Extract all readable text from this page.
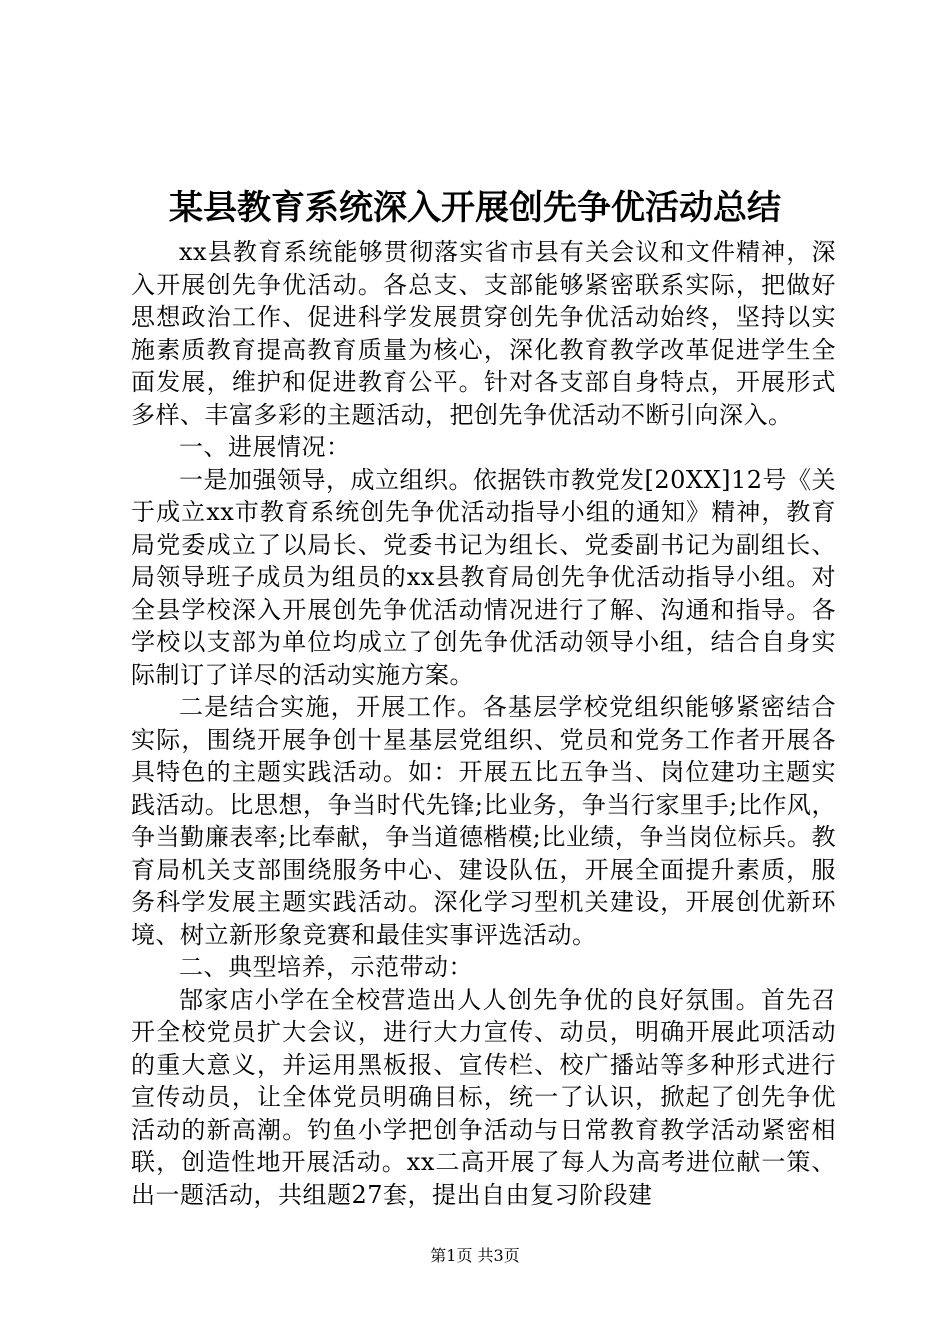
某县教育系统深入开展创先争优活动总结

xx县教育系统能够贯彻落实省市县有关会议和文件精神，深入开展创先争优活动。各总支、支部能够紧密联系实际，把做好思想政治工作、促进科学发展贯穿创先争优活动始终，坚持以实施素质教育提高教育质量为核心，深化教育教学改革促进学生全面发展，维护和促进教育公平。针对各支部自身特点，开展形式多样、丰富多彩的主题活动，把创先争优活动不断引向深入。

一、进展情况：

一是加强领导，成立组织。依据铁市教党发[20XX]12号《关于成立xx市教育系统创先争优活动指导小组的通知》精神，教育局党委成立了以局长、党委书记为组长、党委副书记为副组长、局领导班子成员为组员的xx县教育局创先争优活动指导小组。对全县学校深入开展创先争优活动情况进行了解、沟通和指导。各学校以支部为单位均成立了创先争优活动领导小组，结合自身实际制订了详尽的活动实施方案。

二是结合实施，开展工作。各基层学校党组织能够紧密结合实际，围绕开展争创十星基层党组织、党员和党务工作者开展各具特色的主题实践活动。如：开展五比五争当、岗位建功主题实践活动。比思想，争当时代先锋;比业务，争当行家里手;比作风，争当勤廉表率;比奉献，争当道德楷模;比业绩，争当岗位标兵。教育局机关支部围绕服务中心、建设队伍，开展全面提升素质，服务科学发展主题实践活动。深化学习型机关建设，开展创优新环境、树立新形象竞赛和最佳实事评选活动。

二、典型培养，示范带动：

郜家店小学在全校营造出人人创先争优的良好氛围。首先召开全校党员扩大会议，进行大力宣传、动员，明确开展此项活动的重大意义，并运用黑板报、宣传栏、校广播站等多种形式进行宣传动员，让全体党员明确目标，统一了认识，掀起了创先争优活动的新高潮。钓鱼小学把创争活动与日常教育教学活动紧密相联，创造性地开展活动。xx二高开展了每人为高考进位献一策、出一题活动，共组题27套，提出自由复习阶段建

第1页 共3页
